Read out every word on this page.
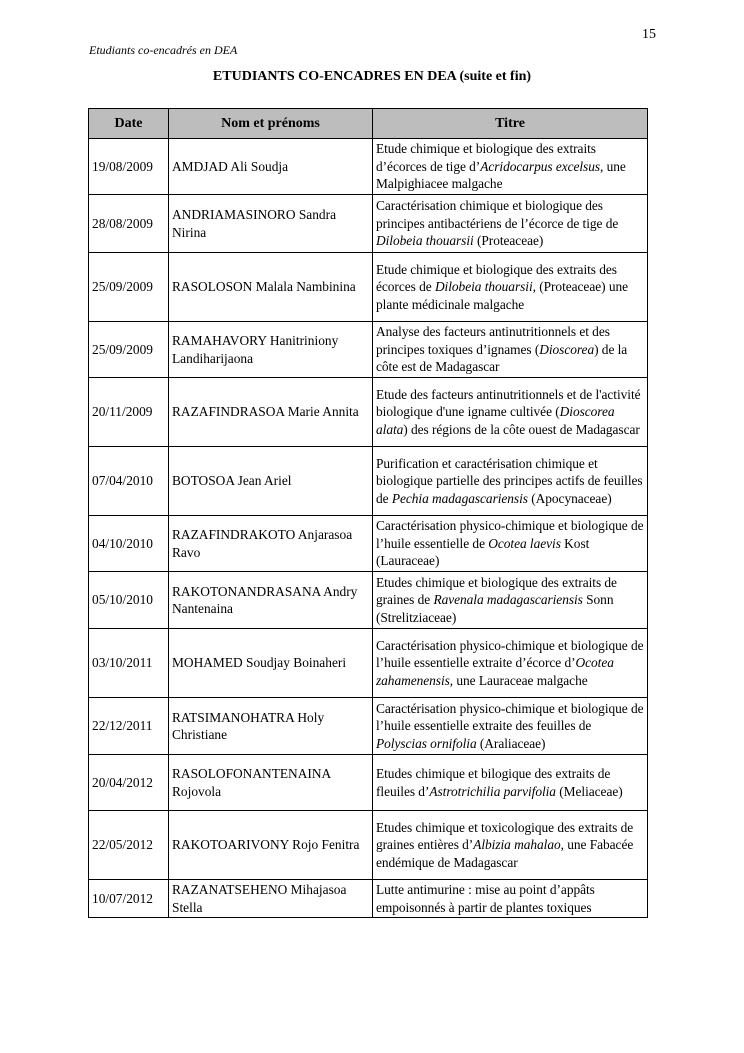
15
Etudiants co-encadrés en DEA
ETUDIANTS CO-ENCADRES EN DEA (suite et fin)
Date	Nom et prénoms	Titre
19/08/2009	AMDJAD Ali Soudja	Etude chimique et biologique des extraits d’écorces de tige d’Acridocarpus excelsus, une Malpighiacee malgache
28/08/2009	ANDRIAMASINORO Sandra Nirina	Caractérisation chimique et biologique des principes antibactériens de l’écorce de tige de Dilobeia thouarsii (Proteaceae)
25/09/2009	RASOLOSON Malala Nambinina	Etude chimique et biologique des extraits des écorces de Dilobeia thouarsii, (Proteaceae) une plante médicinale malgache
25/09/2009	RAMAHAVORY Hanitriniony Landiharijaona	Analyse des facteurs antinutritionnels et des principes toxiques d’ignames (Dioscorea) de la côte est de Madagascar
20/11/2009	RAZAFINDRASOA Marie Annita	Etude des facteurs antinutritionnels et de l'activité biologique d'une igname cultivée (Dioscorea alata) des régions de la côte ouest de Madagascar
07/04/2010	BOTOSOA Jean Ariel	Purification et caractérisation chimique et biologique partielle des principes actifs de feuilles de Pechia madagascariensis (Apocynaceae)
04/10/2010	RAZAFINDRAKOTO Anjarasoa Ravo	Caractérisation physico-chimique et biologique de l’huile essentielle de Ocotea laevis Kost (Lauraceae)
05/10/2010	RAKOTONANDRASANA Andry Nantenaina	Etudes chimique et biologique des extraits de graines de Ravenala madagascariensis Sonn (Strelitziaceae)
03/10/2011	MOHAMED Soudjay Boinaheri	Caractérisation physico-chimique et biologique de l’huile essentielle extraite d’écorce d’Ocotea zahamenensis, une Lauraceae malgache
22/12/2011	RATSIMANOHATRA Holy Christiane	Caractérisation physico-chimique et biologique de l’huile essentielle extraite des feuilles de Polyscias ornifolia (Araliaceae)
20/04/2012	RASOLOFONANTENAINA Rojovola	Etudes chimique et bilogique des extraits de fleuiles d’Astrotrichilia parvifolia (Meliaceae)
22/05/2012	RAKOTOARIVONY Rojo Fenitra	Etudes chimique et toxicologique des extraits de graines entières d’Albizia mahalao, une Fabacée endémique de Madagascar
10/07/2012	RAZANATSEHENO Mihajasoa Stella	Lutte antimurine : mise au point d’appâts empoisonnés à partir de plantes toxiques
